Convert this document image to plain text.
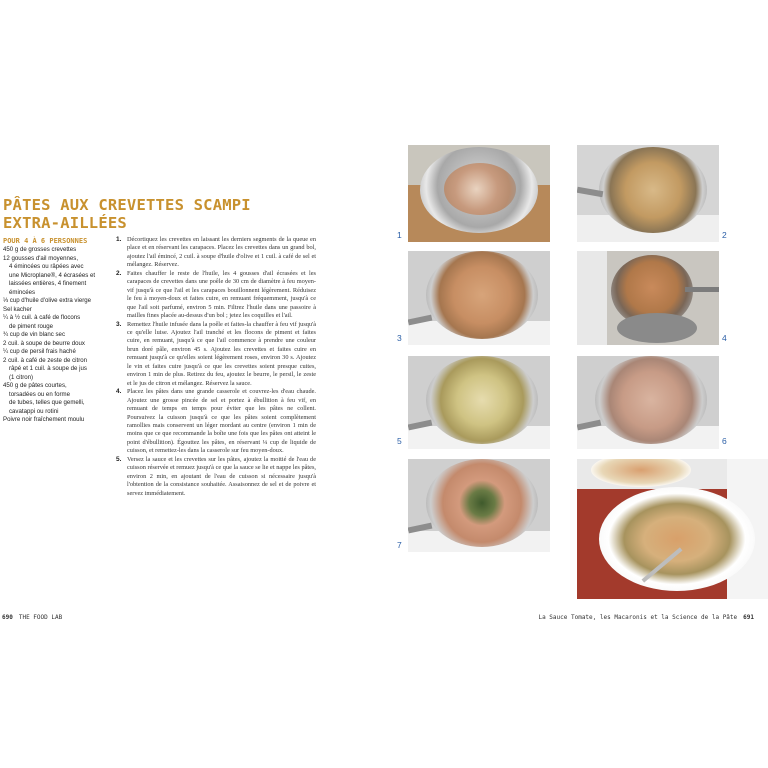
PÂTES AUX CREVETTES SCAMPI
EXTRA-AILLÉES
POUR 4 À 6 PERSONNES
450 g de grosses crevettes
12 gousses d'ail moyennes,
4 émincées ou râpées avec
une Microplane®, 4 écrasées et
laissées entières, 4 finement
émincées
⅓ cup d'huile d'olive extra vierge
Sel kacher
¼ à ½ cuil. à café de flocons
de piment rouge
¾ cup de vin blanc sec
2 cuil. à soupe de beurre doux
¼ cup de persil frais haché
2 cuil. à café de zeste de citron
râpé et 1 cuil. à soupe de jus
(1 citron)
450 g de pâtes courtes,
torsadées ou en forme
de tubes, telles que gemelli,
cavatappi ou rotini
Poivre noir fraîchement moulu
1. Décortiquez les crevettes en laissant les derniers segments de la queue en place et en réservant les carapaces. Placez les crevettes dans un grand bol, ajoutez l'ail émincé, 2 cuil. à soupe d'huile d'olive et 1 cuil. à café de sel et mélangez. Réservez.
2. Faites chauffer le reste de l'huile, les 4 gousses d'ail écrasées et les carapaces de crevettes dans une poêle de 30 cm de diamètre à feu moyen-vif jusqu'à ce que l'ail et les carapaces bouillonnent légèrement. Réduisez le feu à moyen-doux et faites cuire, en remuant fréquemment, jusqu'à ce que l'ail soit parfumé, environ 5 min. Filtrez l'huile dans une passoire à mailles fines placée au-dessus d'un bol ; jetez les coquilles et l'ail.
3. Remettez l'huile infusée dans la poêle et faites-la chauffer à feu vif jusqu'à ce qu'elle luise. Ajoutez l'ail tranché et les flocons de piment et faites cuire, en remuant, jusqu'à ce que l'ail commence à prendre une couleur brun doré pâle, environ 45 s. Ajoutez les crevettes et faites cuire en remuant jusqu'à ce qu'elles soient légèrement roses, environ 30 s. Ajoutez le vin et faites cuire jusqu'à ce que les crevettes soient presque cuites, environ 1 min de plus. Retirez du feu, ajoutez le beurre, le persil, le zeste et le jus de citron et mélangez. Réservez la sauce.
4. Placez les pâtes dans une grande casserole et couvrez-les d'eau chaude. Ajoutez une grosse pincée de sel et portez à ébullition à feu vif, en remuant de temps en temps pour éviter que les pâtes ne collent. Poursuivez la cuisson jusqu'à ce que les pâtes soient complètement ramollies mais conservent un léger mordant au centre (environ 1 min de moins que ce que recommande la boîte une fois que les pâtes ont atteint le point d'ébullition). Égouttez les pâtes, en réservant ¼ cup de liquide de cuisson, et remettez-les dans la casserole sur feu moyen-doux.
5. Versez la sauce et les crevettes sur les pâtes, ajoutez la moitié de l'eau de cuisson réservée et remuez jusqu'à ce que la sauce se lie et nappe les pâtes, environ 2 min, en ajoutant de l'eau de cuisson si nécessaire jusqu'à l'obtention de la consistance souhaitée. Assaisonnez de sel et de poivre et servez immédiatement.
690 THE FOOD LAB
1	2
3	4
5	6
7
La Sauce Tomate, les Macaronis et la Science de la Pâte 691
